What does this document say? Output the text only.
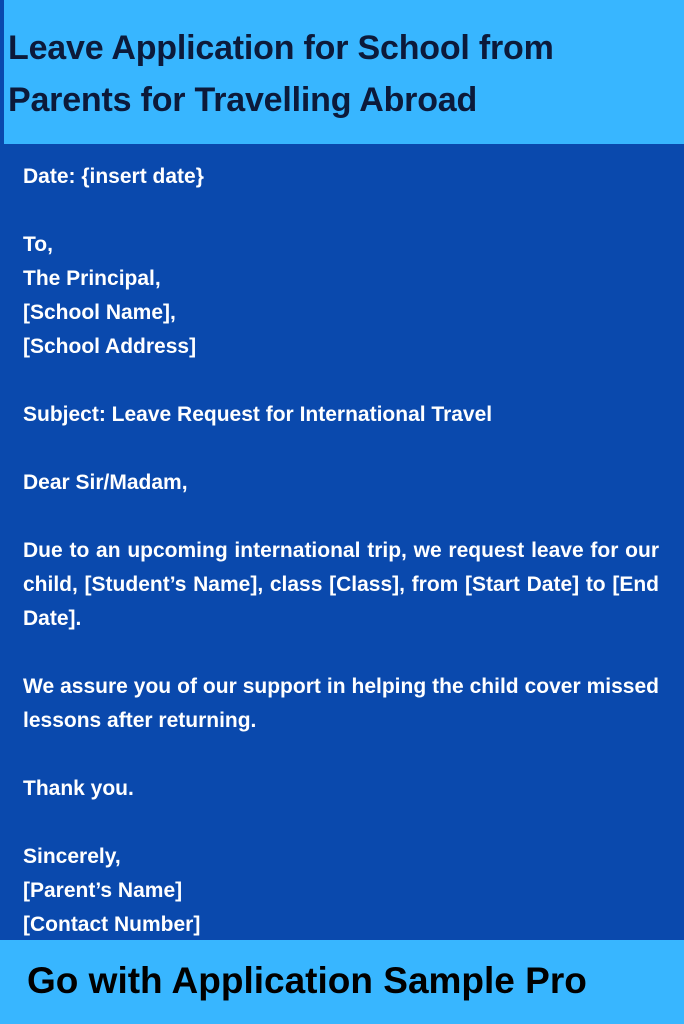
Leave Application for School from Parents for Travelling Abroad

Date: {insert date}

To,

The Principal,

[School Name],

[School Address]

Subject: Leave Request for International Travel

Dear Sir/Madam,

Due to an upcoming international trip, we request leave for our child, [Student’s Name], class [Class], from [Start Date] to [End Date].

We assure you of our support in helping the child cover missed lessons after returning.

Thank you.

Sincerely,

[Parent’s Name]

[Contact Number]

Go with Application Sample Pro
